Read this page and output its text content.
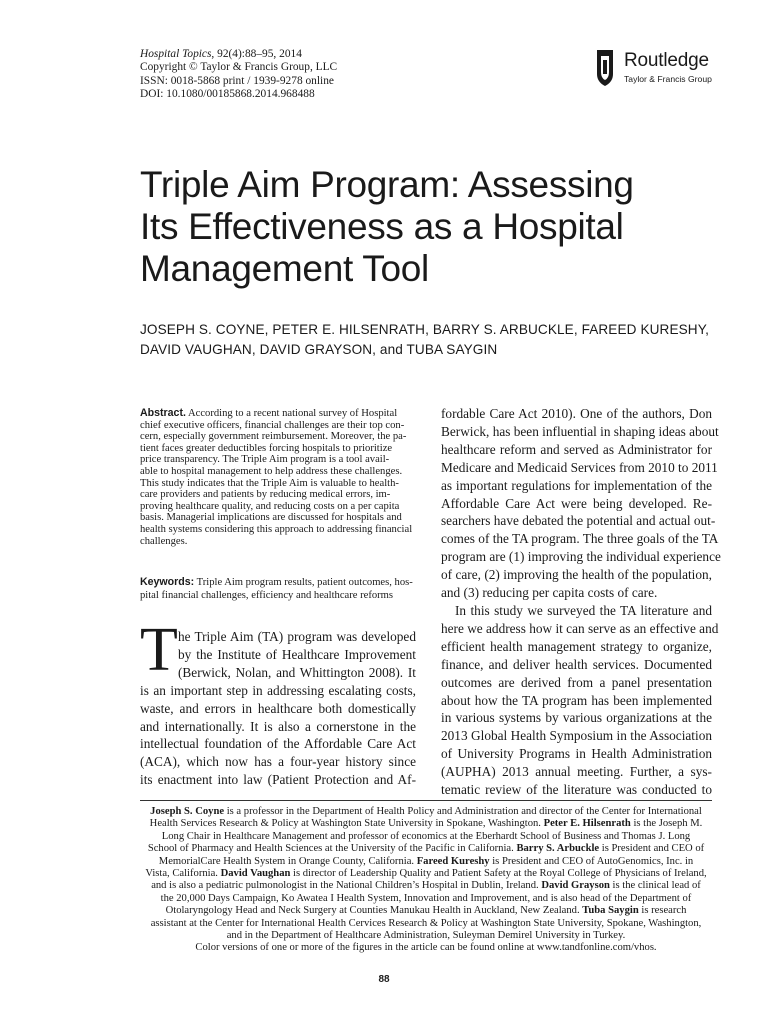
Hospital Topics, 92(4):88–95, 2014
Copyright © Taylor & Francis Group, LLC
ISSN: 0018-5868 print / 1939-9278 online
DOI: 10.1080/00185868.2014.968488
Routledge
Taylor & Francis Group
Triple Aim Program: Assessing
Its Effectiveness as a Hospital
Management Tool
JOSEPH S. COYNE, PETER E. HILSENRATH, BARRY S. ARBUCKLE, FAREED KURESHY,
DAVID VAUGHAN, DAVID GRAYSON, and TUBA SAYGIN
Abstract. According to a recent national survey of Hospital
chief executive officers, financial challenges are their top con-
cern, especially government reimbursement. Moreover, the pa-
tient faces greater deductibles forcing hospitals to prioritize
price transparency. The Triple Aim program is a tool avail-
able to hospital management to help address these challenges.
This study indicates that the Triple Aim is valuable to health-
care providers and patients by reducing medical errors, im-
proving healthcare quality, and reducing costs on a per capita
basis. Managerial implications are discussed for hospitals and
health systems considering this approach to addressing financial
challenges.
Keywords: Triple Aim program results, patient outcomes, hos-
pital financial challenges, efficiency and healthcare reforms
T he Triple Aim (TA) program was developed
by the Institute of Healthcare Improvement
(Berwick, Nolan, and Whittington 2008). It
is an important step in addressing escalating costs,
waste, and errors in healthcare both domestically
and internationally. It is also a cornerstone in the
intellectual foundation of the Affordable Care Act
(ACA), which now has a four-year history since
its enactment into law (Patient Protection and Af-
fordable Care Act 2010). One of the authors, Don
Berwick, has been influential in shaping ideas about
healthcare reform and served as Administrator for
Medicare and Medicaid Services from 2010 to 2011
as important regulations for implementation of the
Affordable Care Act were being developed. Re-
searchers have debated the potential and actual out-
comes of the TA program. The three goals of the TA
program are (1) improving the individual experience
of care, (2) improving the health of the population,
and (3) reducing per capita costs of care.
In this study we surveyed the TA literature and
here we address how it can serve as an effective and
efficient health management strategy to organize,
finance, and deliver health services. Documented
outcomes are derived from a panel presentation
about how the TA program has been implemented
in various systems by various organizations at the
2013 Global Health Symposium in the Association
of University Programs in Health Administration
(AUPHA) 2013 annual meeting. Further, a sys-
tematic review of the literature was conducted to
Joseph S. Coyne is a professor in the Department of Health Policy and Administration and director of the Center for International
Health Services Research & Policy at Washington State University in Spokane, Washington. Peter E. Hilsenrath is the Joseph M.
Long Chair in Healthcare Management and professor of economics at the Eberhardt School of Business and Thomas J. Long
School of Pharmacy and Health Sciences at the University of the Pacific in California. Barry S. Arbuckle is President and CEO of
MemorialCare Health System in Orange County, California. Fareed Kureshy is President and CEO of AutoGenomics, Inc. in
Vista, California. David Vaughan is director of Leadership Quality and Patient Safety at the Royal College of Physicians of Ireland,
and is also a pediatric pulmonologist in the National Children’s Hospital in Dublin, Ireland. David Grayson is the clinical lead of
the 20,000 Days Campaign, Ko Awatea I Health System, Innovation and Improvement, and is also head of the Department of
Otolaryngology Head and Neck Surgery at Counties Manukau Health in Auckland, New Zealand. Tuba Saygin is research
assistant at the Center for International Health Cervices Research & Policy at Washington State University, Spokane, Washington,
and in the Department of Healthcare Administration, Suleyman Demirel University in Turkey.
Color versions of one or more of the figures in the article can be found online at www.tandfonline.com/vhos.
88
